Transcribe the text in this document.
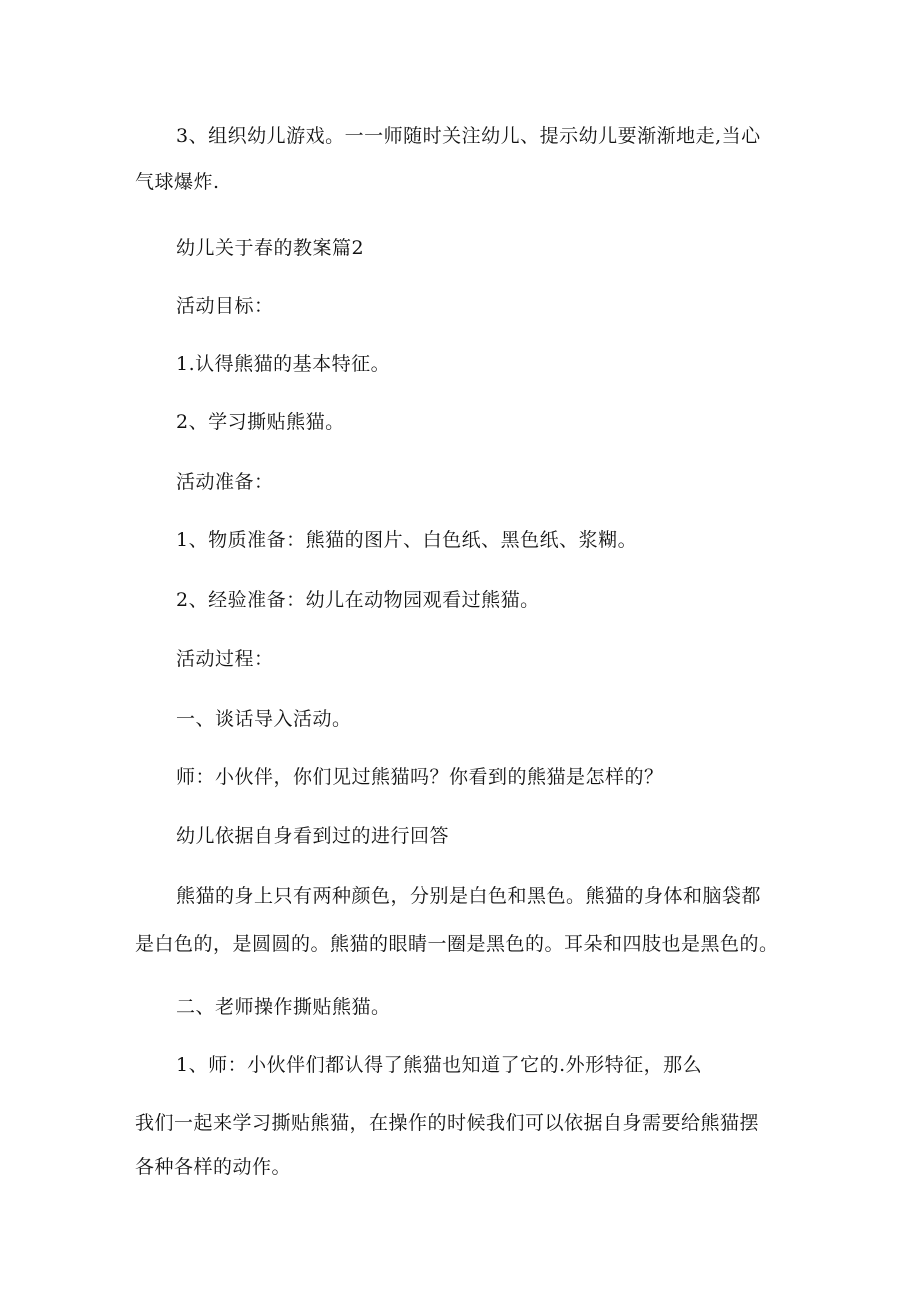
3、组织幼儿游戏。一一师随时关注幼儿、提示幼儿要渐渐地走,当心
气球爆炸.
幼儿关于春的教案篇2
活动目标：
1.认得熊猫的基本特征。
2、学习撕贴熊猫。
活动准备：
1、物质准备：熊猫的图片、白色纸、黑色纸、浆糊。
2、经验准备：幼儿在动物园观看过熊猫。
活动过程：
一、谈话导入活动。
师：小伙伴，你们见过熊猫吗？你看到的熊猫是怎样的？
幼儿依据自身看到过的进行回答
熊猫的身上只有两种颜色，分别是白色和黑色。熊猫的身体和脑袋都
是白色的，是圆圆的。熊猫的眼睛一圈是黑色的。耳朵和四肢也是黑色的。
二、老师操作撕贴熊猫。
1、师：小伙伴们都认得了熊猫也知道了它的.外形特征，那么
我们一起来学习撕贴熊猫，在操作的时候我们可以依据自身需要给熊猫摆
各种各样的动作。
